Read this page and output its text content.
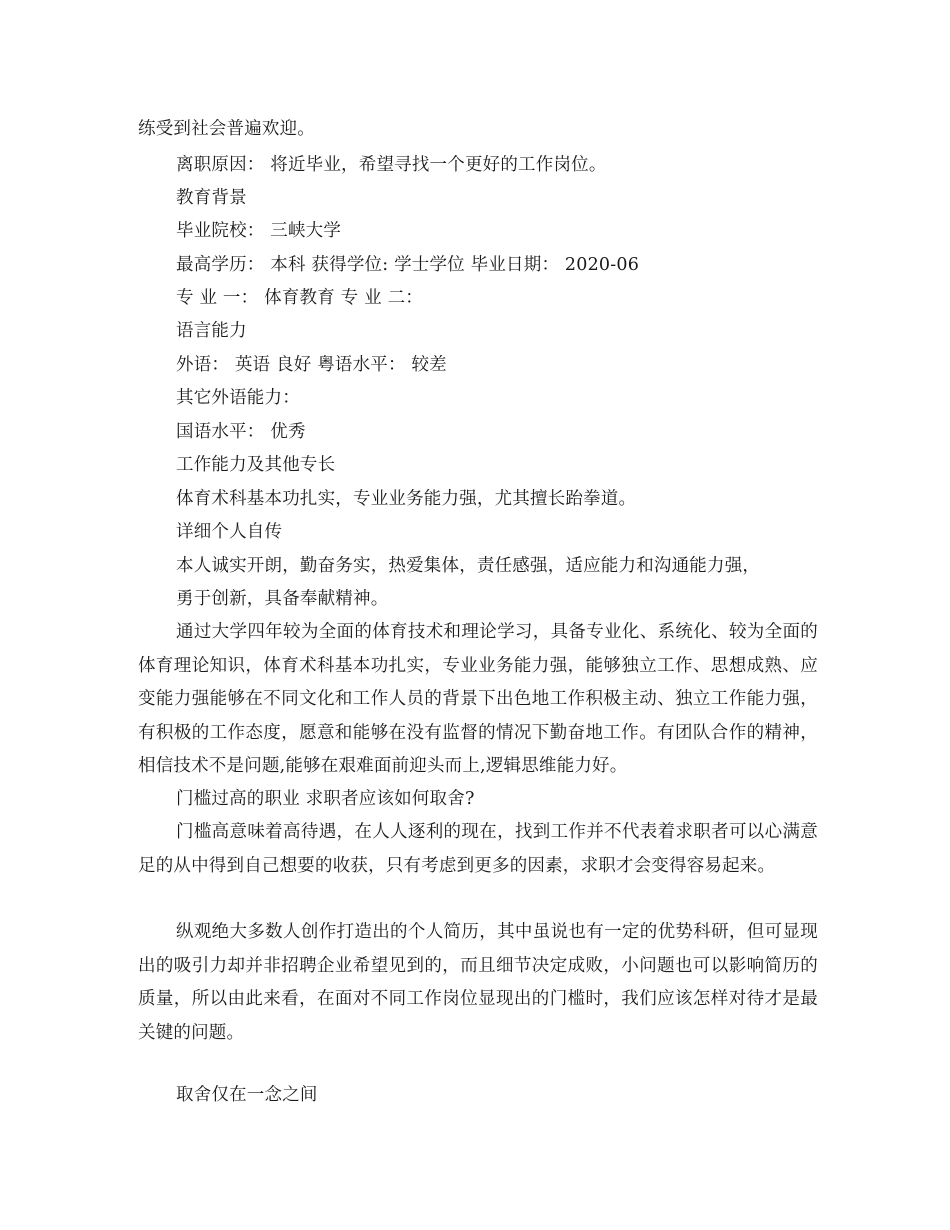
练受到社会普遍欢迎。
离职原因： 将近毕业，希望寻找一个更好的工作岗位。
教育背景
毕业院校： 三峡大学
最高学历： 本科 获得学位: 学士学位 毕业日期： 2020-06
专 业 一： 体育教育 专 业 二：
语言能力
外语： 英语 良好 粤语水平： 较差
其它外语能力：
国语水平： 优秀
工作能力及其他专长
体育术科基本功扎实，专业业务能力强，尤其擅长跆拳道。
详细个人自传
本人诚实开朗，勤奋务实，热爱集体，责任感强，适应能力和沟通能力强，
勇于创新，具备奉献精神。
通过大学四年较为全面的体育技术和理论学习，具备专业化、系统化、较为全面的体育理论知识，体育术科基本功扎实，专业业务能力强，能够独立工作、思想成熟、应变能力强能够在不同文化和工作人员的背景下出色地工作积极主动、独立工作能力强，有积极的工作态度，愿意和能够在没有监督的情况下勤奋地工作。有团队合作的精神，相信技术不是问题,能够在艰难面前迎头而上,逻辑思维能力好。
门槛过高的职业 求职者应该如何取舍?
门槛高意味着高待遇，在人人逐利的现在，找到工作并不代表着求职者可以心满意足的从中得到自己想要的收获，只有考虑到更多的因素，求职才会变得容易起来。
纵观绝大多数人创作打造出的个人简历，其中虽说也有一定的优势科研，但可显现出的吸引力却并非招聘企业希望见到的，而且细节决定成败，小问题也可以影响简历的质量，所以由此来看，在面对不同工作岗位显现出的门槛时，我们应该怎样对待才是最关键的问题。
取舍仅在一念之间
